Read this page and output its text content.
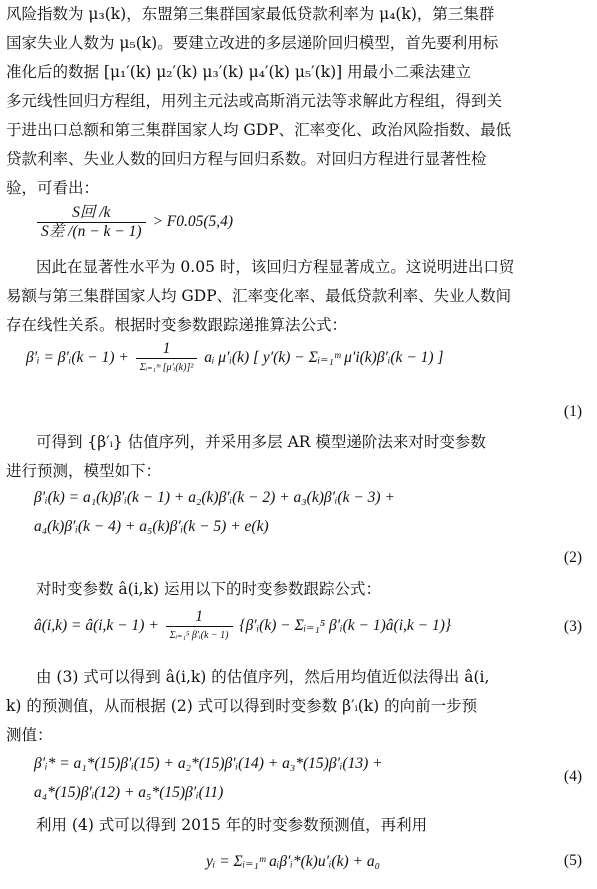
风险指数为 μ₃(k)，东盟第三集群国家最低贷款利率为 μ₄(k)，第三集群
国家失业人数为 μ₅(k)。要建立改进的多层递阶回归模型，首先要利用标
准化后的数据 [μ₁′(k) μ₂′(k) μ₃′(k) μ₄′(k) μ₅′(k)] 用最小二乘法建立
多元线性回归方程组，用列主元法或高斯消元法等求解此方程组，得到关
于进出口总额和第三集群国家人均 GDP、汇率变化、政治风险指数、最低
贷款利率、失业人数的回归方程与回归系数。对回归方程进行显著性检
验，可看出：
$\frac{\text{S回 /k}}{\text{S差 /(n − k − 1)}} > F0.05(5,4)$
因此在显著性水平为 0.05 时，该回归方程显著成立。这说明进出口贸
易额与第三集群国家人均 GDP、汇率变化率、最低贷款利率、失业人数间
存在线性关系。根据时变参数跟踪递推算法公式：
β′ᵢ = β′ᵢ(k − $1) + \frac{1}{\text{Σᵢ₌₁ᵐ [μ′ᵢ(k)]²}}$ aᵢ μ′ᵢ(k) [ y′(k) − Σᵢ₌₁ᵐ μ′i(k)β′ᵢ(k − 1) ]
(1)
可得到 {β′ᵢ} 估值序列，并采用多层 AR 模型递阶法来对时变参数
进行预测，模型如下：
β′ᵢ(k) = a₁(k)β′ᵢ(k − 1) + a₂(k)β′ᵢ(k − 2) + a₃(k)β′ᵢ(k − 3) +
a₄(k)β′ᵢ(k − 4) + a₅(k)β′ᵢ(k − 5) + e(k)
(2)
对时变参数 â(i,k) 运用以下的时变参数跟踪公式：
â(i,k) = â(i,k − $1) + \frac{1}{\text{Σᵢ₌₁⁵ β′ᵢ(k − 1)}}$ {β′ᵢ(k) − Σᵢ₌₁⁵ β′ᵢ(k − 1)â(i,k − 1)}	(3)
由 (3) 式可以得到 â(i,k) 的估值序列，然后用均值近似法得出 â(i,
k) 的预测值，从而根据 (2) 式可以得到时变参数 β′ᵢ(k) 的向前一步预
测值：
β′ᵢ* = a₁*(15)β′ᵢ(15) + a₂*(15)β′ᵢ(14) + a₃*(15)β′ᵢ(13) +
a₄*(15)β′ᵢ(12) + a₅*(15)β′ᵢ(11)
(4)
利用 (4) 式可以得到 2015 年的时变参数预测值，再利用
yᵢ = Σᵢ₌₁ᵐ aᵢβ′ᵢ*(k)u′ᵢ(k) + a₀	(5)
